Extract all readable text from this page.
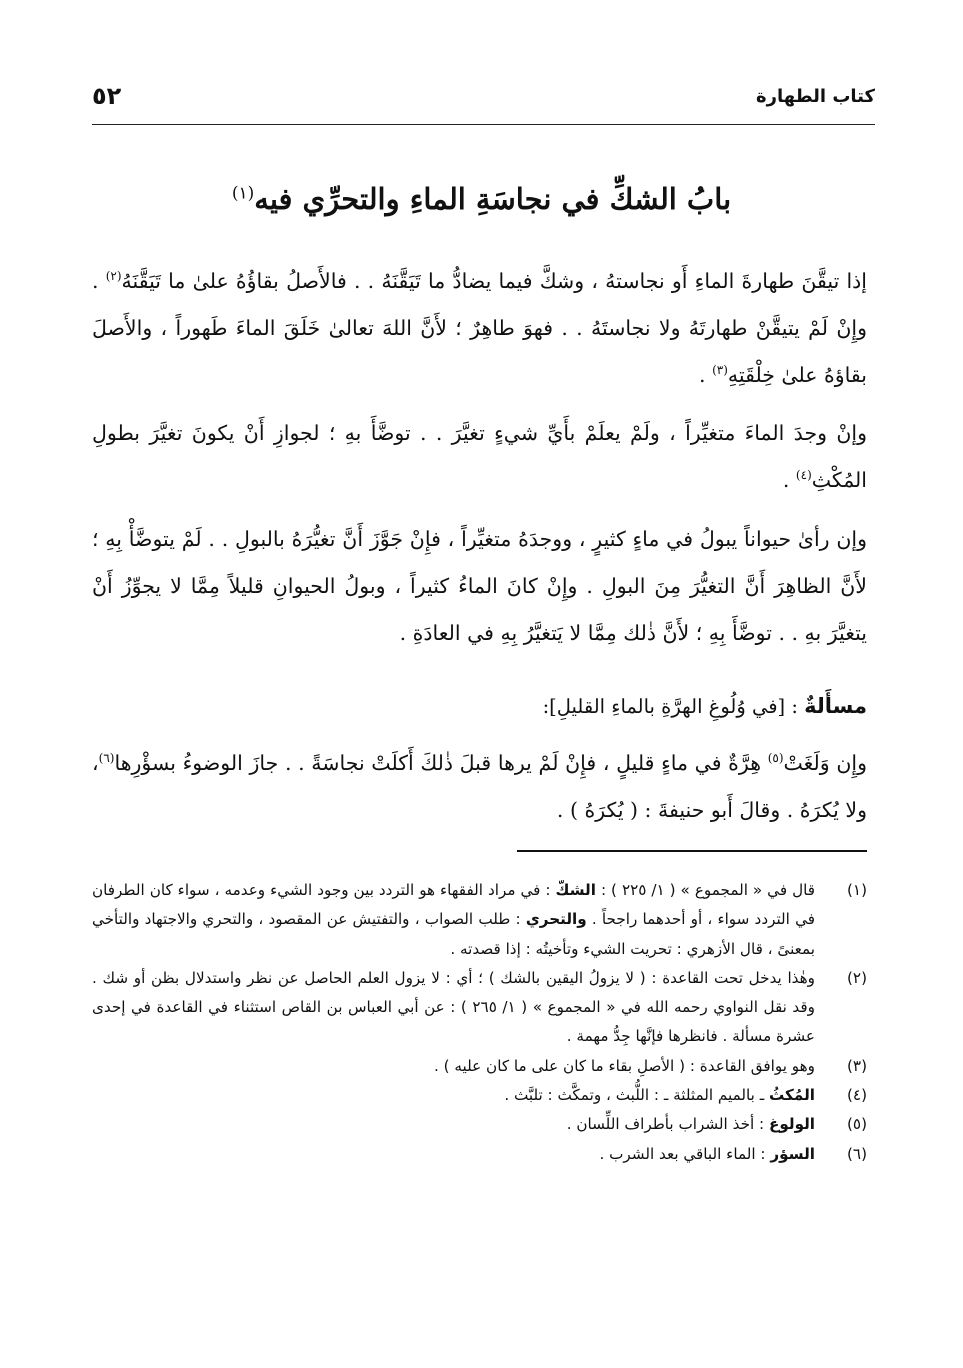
كتاب الطهارة
٥٢
بابُ الشكِّ في نجاسَةِ الماءِ والتحرِّي فيه$^{(١)}$
إذا تيقَّنَ طهارةَ الماءِ أَو نجاستهُ ، وشكَّ فيما يضادُّ ما تَيَقَّنَهُ . . فالأَصلُ بقاؤُهُ علىٰ ما تَيَقَّنَهُ$^{(٢)}$ . وإِنْ لَمْ يتيقَّنْ طهارتَهُ ولا نجاستَهُ . . فهوَ طاهِرٌ ؛ لأَنَّ اللهَ تعالىٰ خَلَقَ الماءَ طَهوراً ، والأَصلَ بقاؤهُ علىٰ خِلْقَتِهِ$^{(٣)}$ .
وإنْ وجدَ الماءَ متغيِّراً ، ولَمْ يعلَمْ بأَيِّ شيءٍ تغيَّرَ . . توضَّأَ بهِ ؛ لجوازِ أَنْ يكونَ تغيَّرَ بطولِ المُكْثِ$^{(٤)}$ .
وإن رأىٰ حيواناً يبولُ في ماءٍ كثيرٍ ، ووجدَهُ متغيِّراً ، فإِنْ جَوَّزَ أَنَّ تغيُّرَهُ بالبولِ . . لَمْ يتوضَّأْ بِهِ ؛ لأَنَّ الظاهِرَ أَنَّ التغيُّرَ مِنَ البولِ . وإِنْ كانَ الماءُ كثيراً ، وبولُ الحيوانِ قليلاً مِمَّا لا يجوِّزُ أَنْ يتغيَّرَ بهِ . . توضَّأَ بِهِ ؛ لأَنَّ ذٰلك مِمَّا لا يَتغيَّرُ بِهِ في العادَةِ .
مسأَلةٌ : [في وُلُوغِ الهرَّةِ بالماءِ القليلِ]:
وإِن وَلَغَتْ$^{(٥)}$ هِرَّةٌ في ماءٍ قليلٍ ، فإِنْ لَمْ يرها قبلَ ذٰلكَ أَكلَتْ نجاسَةً . . جازَ الوضوءُ بسؤْرِها$^{(٦)}$، ولا يُكرَهُ . وقالَ أَبو حنيفةَ : ( يُكرَهُ ) .
(١)
قال في « المجموع » ( ١/ ٢٢٥ ) : الشكّ : في مراد الفقهاء هو التردد بين وجود الشيء وعدمه ، سواء كان الطرفان في التردد سواء ، أو أحدهما راجحاً . والتحري : طلب الصواب ، والتفتيش عن المقصود ، والتحري والاجتهاد والتأخي بمعنىً ، قال الأزهري : تحريت الشيء وتأخيتُه : إذا قصدته .
(٢)
وهٰذا يدخل تحت القاعدة : ( لا يزولُ اليقين بالشك ) ؛ أي : لا يزول العلم الحاصل عن نظر واستدلال بظن أو شك . وقد نقل النواوي رحمه الله في « المجموع » ( ١/ ٢٦٥ ) : عن أبي العباس بن القاص استثناء في القاعدة في إحدى عشرة مسألة . فانظرها فإنَّها جِدُّ مهمة .
(٣)
وهو يوافق القاعدة : ( الأصلِ بقاء ما كان على ما كان عليه ) .
(٤)
المُكثُ ـ بالميم المثلثة ـ : اللُّبث ، وتمكَّث : تلبَّث .
(٥)
الولوغ : أخذ الشراب بأطراف اللِّسان .
(٦)
السؤر : الماء الباقي بعد الشرب .
